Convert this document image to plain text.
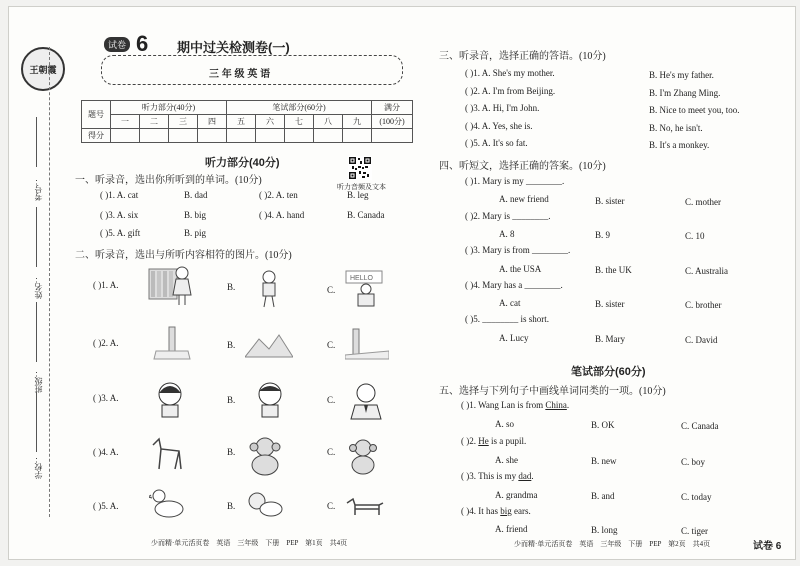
王朝霞
考号：
姓名：
班级：
学校：
试卷 6 期中过关检测卷(一)
三 年 级 英 语
题号	听力部分(40分)				笔试部分(60分)					满分
	一	二	三	四	五	六	七	八	九	(100分)
得分										
听力部分(40分)
听力音频及文本
一、听录音，选出你所听到的单词。(10分)
( )1. A. cat	B. dad	( )2. A. ten	B. leg
( )3. A. six	B. big	( )4. A. hand	B. Canada
( )5. A. gift	B. pig
二、听录音，选出与所听内容相符的图片。(10分)
( )1. A.	B.	C.
HELLO
( )2. A.	B.	C.
( )3. A.	B.	C.
( )4. A.	B.	C.
( )5. A.	B.	C.
少而精·单元活页卷　英语　三年级　下册　PEP　第1页　共4页
三、听录音，选择正确的答语。(10分)
( )1. A. She's my mother.	B. He's my father.
( )2. A. I'm from Beijing.	B. I'm Zhang Ming.
( )3. A. Hi, I'm John.	B. Nice to meet you, too.
( )4. A. Yes, she is.	B. No, he isn't.
( )5. A. It's so fat.	B. It's a monkey.
四、听短文，选择正确的答案。(10分)
( )1. Mary is my ________.
A. new friend	B. sister	C. mother
( )2. Mary is ________.
A. 8	B. 9	C. 10
( )3. Mary is from ________.
A. the USA	B. the UK	C. Australia
( )4. Mary has a ________.
A. cat	B. sister	C. brother
( )5. ________ is short.
A. Lucy	B. Mary	C. David
笔试部分(60分)
五、选择与下列句子中画线单词同类的一项。(10分)
( )1. Wang Lan is from China.
A. so	B. OK	C. Canada
( )2. He is a pupil.
A. she	B. new	C. boy
( )3. This is my dad.
A. grandma	B. and	C. today
( )4. It has big ears.
A. friend	B. long	C. tiger
少而精·单元活页卷　英语　三年级　下册　PEP　第2页　共4页	试卷 6
